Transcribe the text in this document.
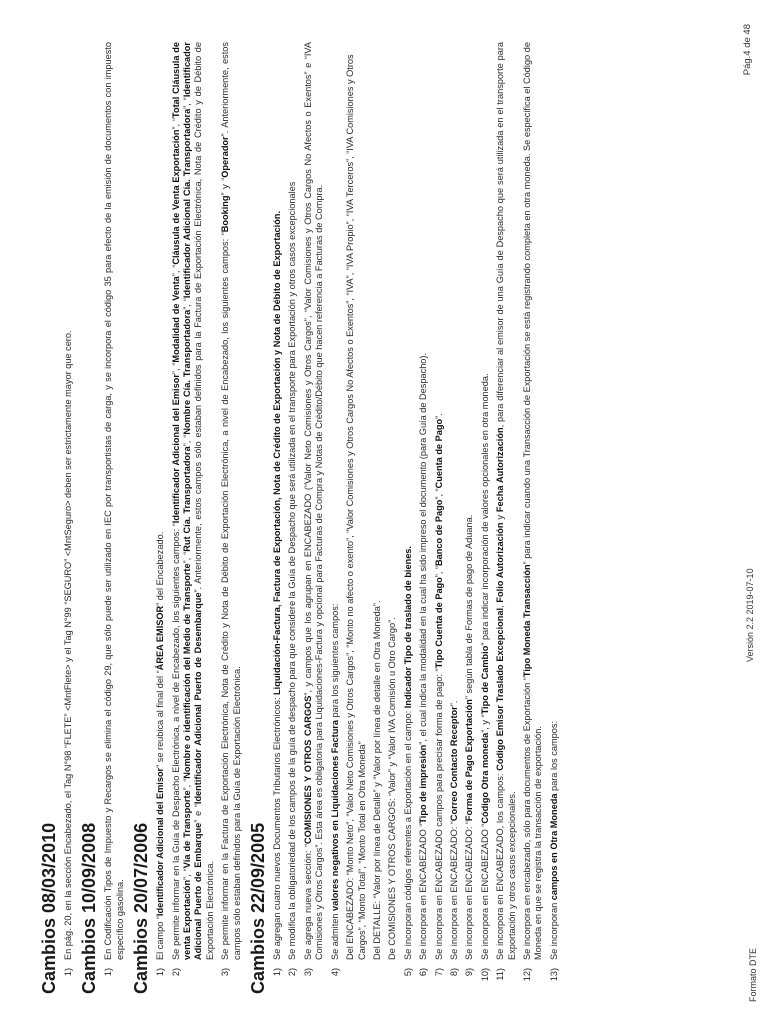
Cambios 08/03/2010 1)
En pág. 20, en la sección Encabezado, el Tag N°98 “FLETE” <MntFlete> y el Tag N°99 “SEGURO” <MntSeguro> deben ser estrictamente mayor que cero. Cambios 10/09/2008 1)
En Codificación Tipos de Impuesto y Recargos se elimina el código 29, que sólo puede ser utilizado en IEC por transportistas de carga, y se incorpora el código 35 para efecto de la emisión de documentos con impuesto específico gasolina. Cambios 20/07/2006 1)
El campo “Identificador Adicional del Emisor” se reubica al final del “ÁREA EMISOR” del Encabezado.
2)
Se permite informar en la Guía de Despacho Electrónica, a nivel de Encabezado, los siguientes campos: “Identificador Adicional del Emisor”, “Modalidad de Venta”, “Cláusula de Venta Exportación”, “Total Cláusula de venta Exportación”, “Vía de Transporte”, “Nombre o identificación del Medio de Transporte”, “Rut Cía. Transportadora”, “Nombre Cía. Transportadora”, “Identificador Adicional Cía. Transportadora”, “Identificador Adicional Puerto de Embarque” e “Identificador Adicional Puerto de Desembarque”. Anteriormente, estos campos sólo estaban definidos para la Factura de Exportación Electrónica, Nota de Crédito y de Débito de Exportación Electrónica.
3)
Se permite informar en la Factura de Exportación Electrónica, Nota de Crédito y Nota de Débito de Exportación Electrónica, a nivel de Encabezado, los siguientes campos: “Booking” y “Operador”. Anteriormente, estos campos sólo estaban definidos para la Guía de Exportación Electrónica. Cambios 22/09/2005 1)
Se agregan cuatro nuevos Documentos Tributarios Electrónicos: Liquidación-Factura, Factura de Exportación, Nota de Crédito de Exportación y Nota de Débito de Exportación.
2)
Se modifica la obligatoriedad de los campos de la guía de despacho para que considere la Guía de Despacho que será utilizada en el transporte para Exportación y otros casos excepcionales
3)
Se agrega nueva sección: “COMISIONES Y OTROS CARGOS”, y campos que los agrupan en ENCABEZADO (“Valor Neto Comisiones y Otros Cargos”, “Valor Comisiones y Otros Cargos No Afectos o Exentos” e “IVA Comisiones y Otros Cargos”. Esta área es obligatoria para Liquidaciones-Factura y opcional para Facturas de Compra y Notas de Crédito/Débito que hacen referencia a Facturas de Compra.
4)
Se admiten valores negativos en Liquidaciones Factura para los siguientes campos: Del ENCABEZADO: “Monto Neto”, “Valor Neto Comisiones y Otros Cargos”, “Monto no afecto o exento”, “Valor Comisiones y Otros Cargos No Afectos o Exentos”, “IVA”, “IVA Propio”, “IVA Terceros”, “IVA Comisiones y Otros Cargos”, “Monto Total”, “Monto Total en Otra Moneda” Del DETALLE: “Valor por línea de Detalle” y “Valor por línea de detalle en Otra Moneda”. De COMISIONES Y OTROS CARGOS: “Valor” y “Valor IVA Comisión u Otro Cargo”.

5)
Se incorporan códigos referentes a Exportación en el campo: Indicador Tipo de traslado de bienes.
6)
Se incorpora en ENCABEZADO “Tipo de impresión”, el cual indica la modalidad en la cual ha sido impreso el documento (para Guía de Despacho).
7)
Se incorpora en ENCABEZADO campos para precisar forma de pago: “Tipo Cuenta de Pago”, “Banco de Pago”, “Cuenta de Pago”.
8)
Se incorpora en ENCABEZADO: “Correo Contacto Receptor”.
9)
Se incorpora en ENCABEZADO: “Forma de Pago Exportación” según tabla de Formas de pago de Aduana.
10)
Se incorpora en ENCABEZADO “Código Otra moneda”, y “Tipo de Cambio” para indicar incorporación de valores opcionales en otra moneda.
11)
Se incorpora en ENCABEZADO, los campos: Código Emisor Traslado Excepcional, Folio Autorización y Fecha Autorización, para diferenciar al emisor de una Guía de Despacho que será utilizada en el transporte para Exportación y otros casos excepcionales.
12)
Se incorpora en encabezado, sólo para documentos de Exportación “Tipo Moneda Transacción” para indicar cuando una Transacción de Exportación se está registrando completa en otra moneda. Se especifica el Código de Moneda en que se registra la transacción de exportación.
13)
Se incorporan campos en Otra Moneda para los campos:
Formato DTE
Versión 2.2 2019-07-10
Pág.4 de 48
